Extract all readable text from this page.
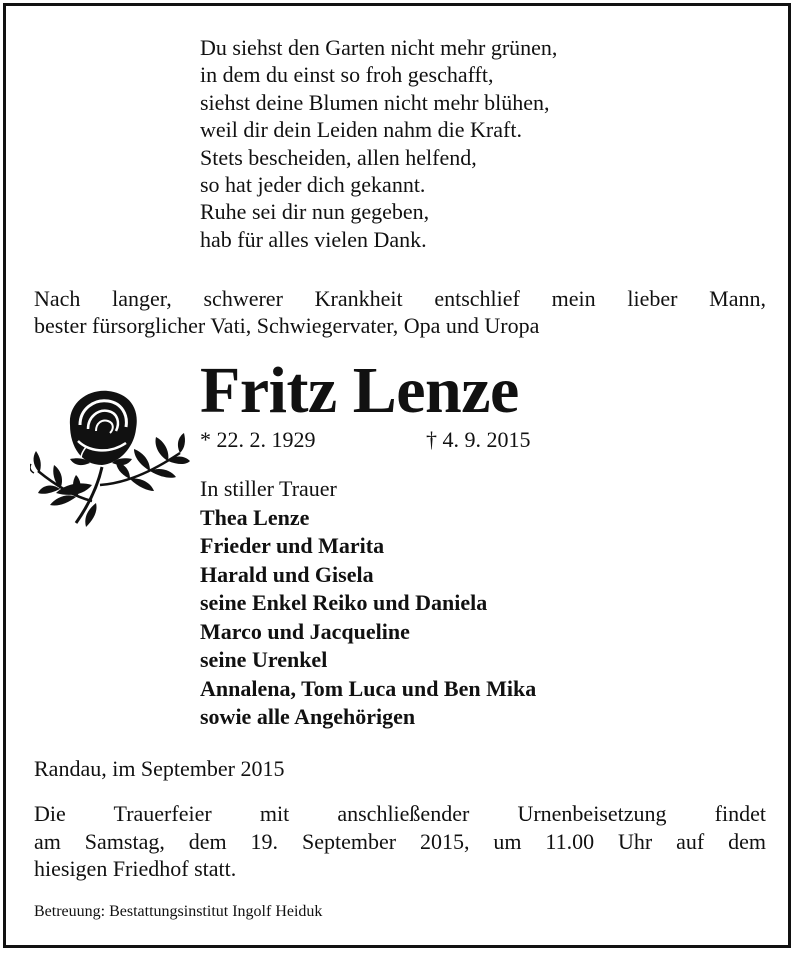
Du siehst den Garten nicht mehr grünen,
in dem du einst so froh geschafft,
siehst deine Blumen nicht mehr blühen,
weil dir dein Leiden nahm die Kraft.
Stets bescheiden, allen helfend,
so hat jeder dich gekannt.
Ruhe sei dir nun gegeben,
hab für alles vielen Dank.
Nach langer, schwerer Krankheit entschlief mein lieber Mann,
bester fürsorglicher Vati, Schwiegervater, Opa und Uropa
Fritz Lenze
* 22. 2. 1929	† 4. 9. 2015
In stiller Trauer
Thea Lenze
Frieder und Marita
Harald und Gisela
seine Enkel Reiko und Daniela
Marco und Jacqueline
seine Urenkel
Annalena, Tom Luca und Ben Mika
sowie alle Angehörigen
Randau, im September 2015
Die Trauerfeier mit anschließender Urnenbeisetzung findet
am Samstag, dem 19. September 2015, um 11.00 Uhr auf dem
hiesigen Friedhof statt.
Betreuung: Bestattungsinstitut Ingolf Heiduk
